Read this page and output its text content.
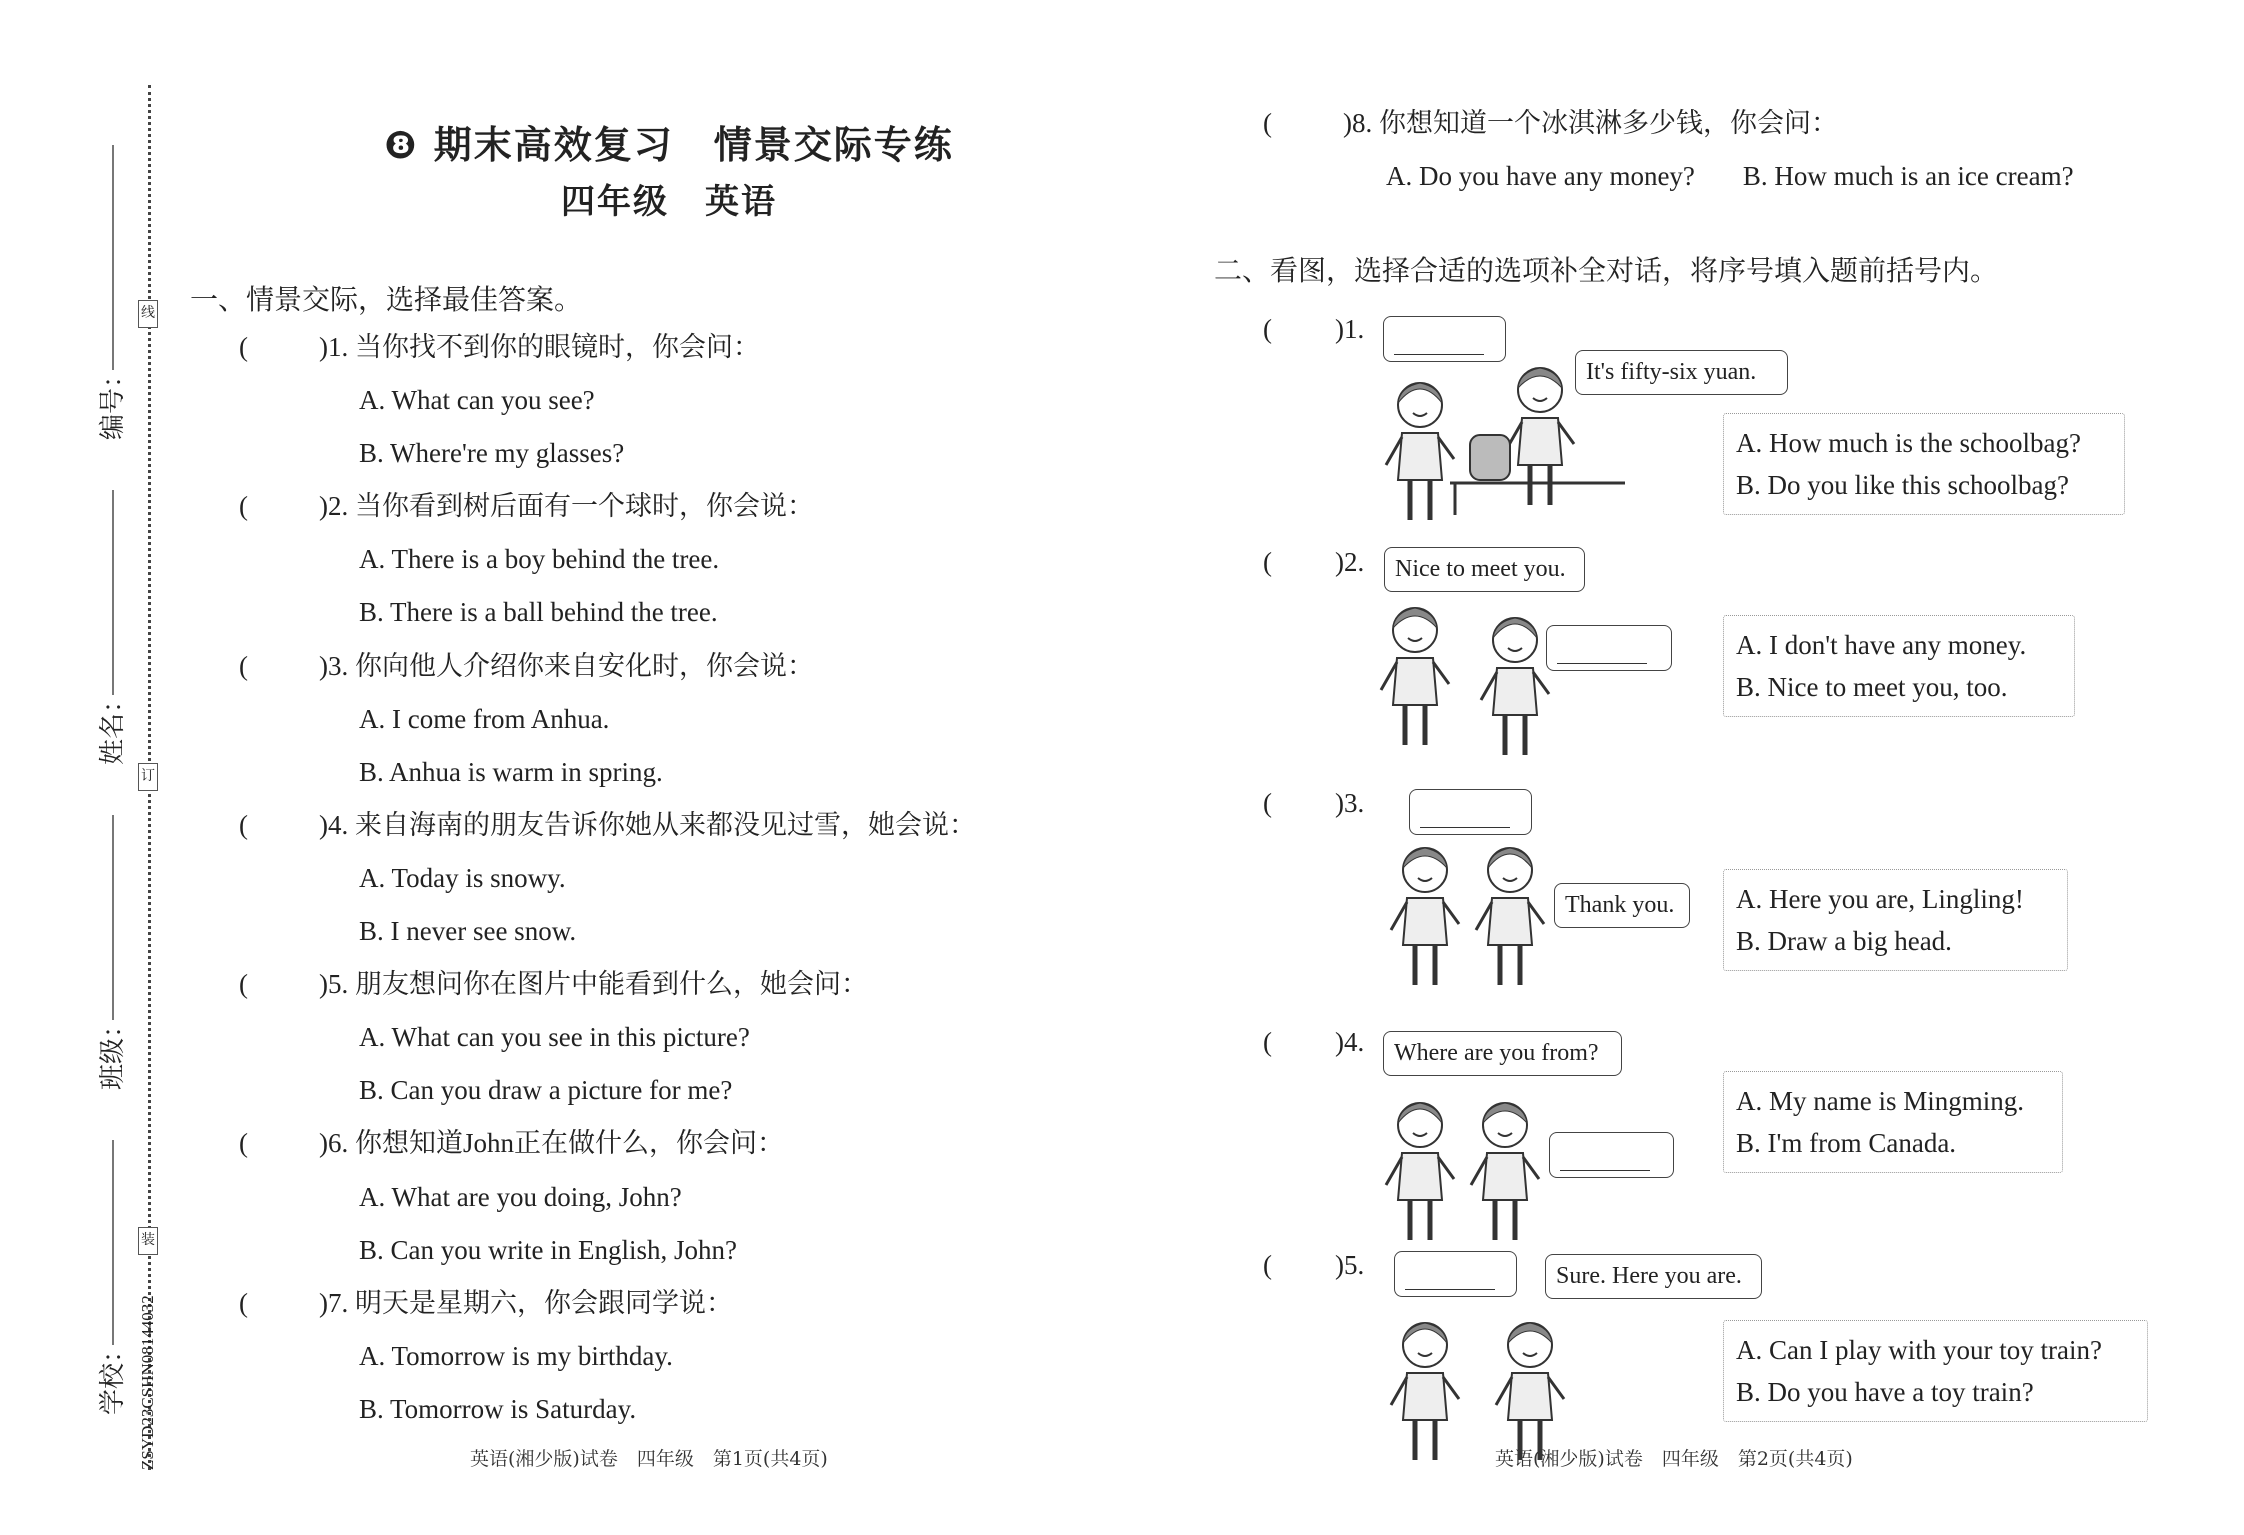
线
订
装
编号：
姓名：
班级：
学校： ZSYD23CSHN08144032
❽ 期末高效复习　情景交际专练
四年级　英语
一、情景交际，选择最佳答案。
(	)1. 当你找不到你的眼镜时，你会问：
A. What can you see?
B. Where're my glasses?
(	)2. 当你看到树后面有一个球时，你会说：
A. There is a boy behind the tree.
B. There is a ball behind the tree.
(	)3. 你向他人介绍你来自安化时，你会说：
A. I come from Anhua.
B. Anhua is warm in spring.
(	)4. 来自海南的朋友告诉你她从来都没见过雪，她会说：
A. Today is snowy.
B. I never see snow.
(	)5. 朋友想问你在图片中能看到什么，她会问：
A. What can you see in this picture?
B. Can you draw a picture for me?
(	)6. 你想知道John正在做什么，你会问：
A. What are you doing, John?
B. Can you write in English, John?
(	)7. 明天是星期六，你会跟同学说：
A. Tomorrow is my birthday.
B. Tomorrow is Saturday.
(	)8. 你想知道一个冰淇淋多少钱，你会问：
A. Do you have any money? B. How much is an ice cream?
二、看图，选择合适的选项补全对话，将序号填入题前括号内。
( )1.
It's fifty-six yuan.
A. How much is the schoolbag?
B. Do you like this schoolbag?
( )2.	Nice to meet you.
A. I don't have any money.
B. Nice to meet you, too.
( )3.
Thank you.	A. Here you are, Lingling!
B. Draw a big head.
( )4.	Where are you from?
A. My name is Mingming.
B. I'm from Canada.
( )5.	Sure. Here you are.
A. Can I play with your toy train?
B. Do you have a toy train?
英语(湘少版)试卷　四年级　第1页(共4页)	英语(湘少版)试卷　四年级　第2页(共4页)
